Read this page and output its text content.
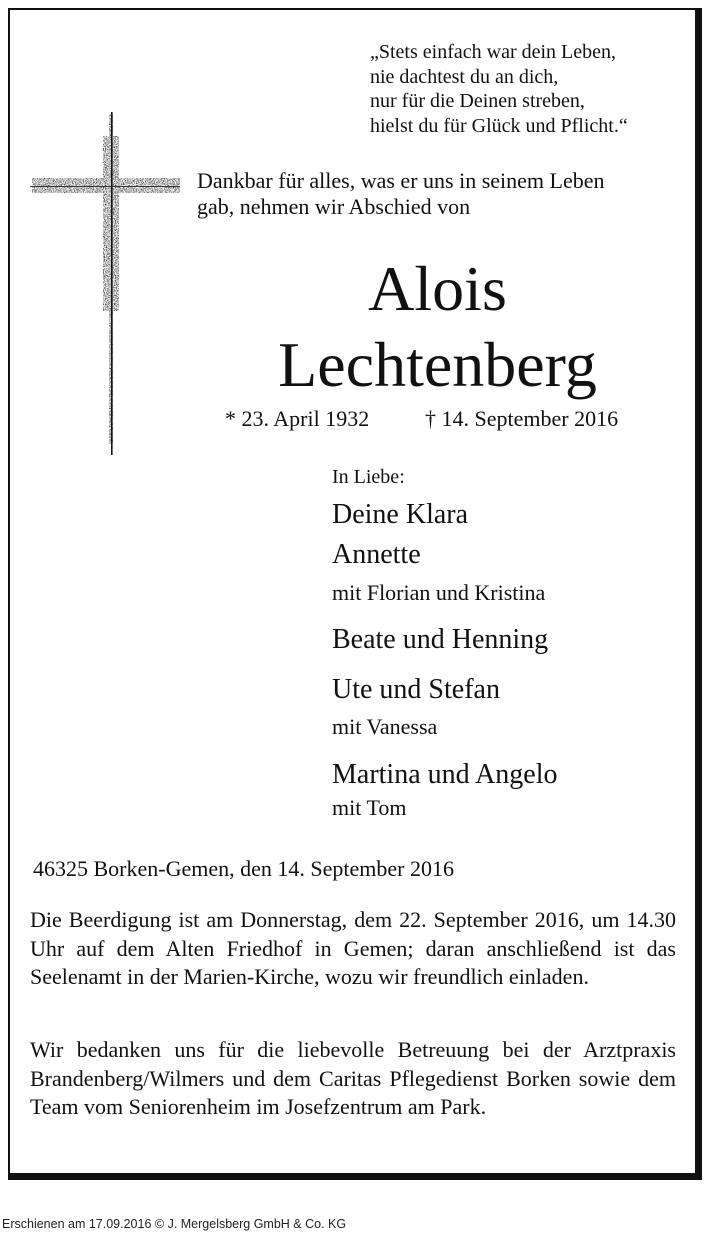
„Stets einfach war dein Leben,
nie dachtest du an dich,
nur für die Deinen streben,
hielst du für Glück und Pflicht.“
Dankbar für alles, was er uns in seinem Leben
gab, nehmen wir Abschied von
Alois
Lechtenberg
* 23. April 1932	† 14. September 2016
In Liebe:
Deine Klara
Annette
mit Florian und Kristina
Beate und Henning
Ute und Stefan
mit Vanessa
Martina und Angelo
mit Tom
46325 Borken-Gemen, den 14. September 2016
Die Beerdigung ist am Donnerstag, dem 22. September 2016, um 14.30 Uhr auf dem Alten Friedhof in Gemen; daran anschließend ist das Seelenamt in der Marien-Kirche, wozu wir freundlich einladen.
Wir bedanken uns für die liebevolle Betreuung bei der Arztpraxis Brandenberg/Wilmers und dem Caritas Pflegedienst Borken sowie dem Team vom Seniorenheim im Josefzentrum am Park.
Erschienen am 17.09.2016 © J. Mergelsberg GmbH & Co. KG
